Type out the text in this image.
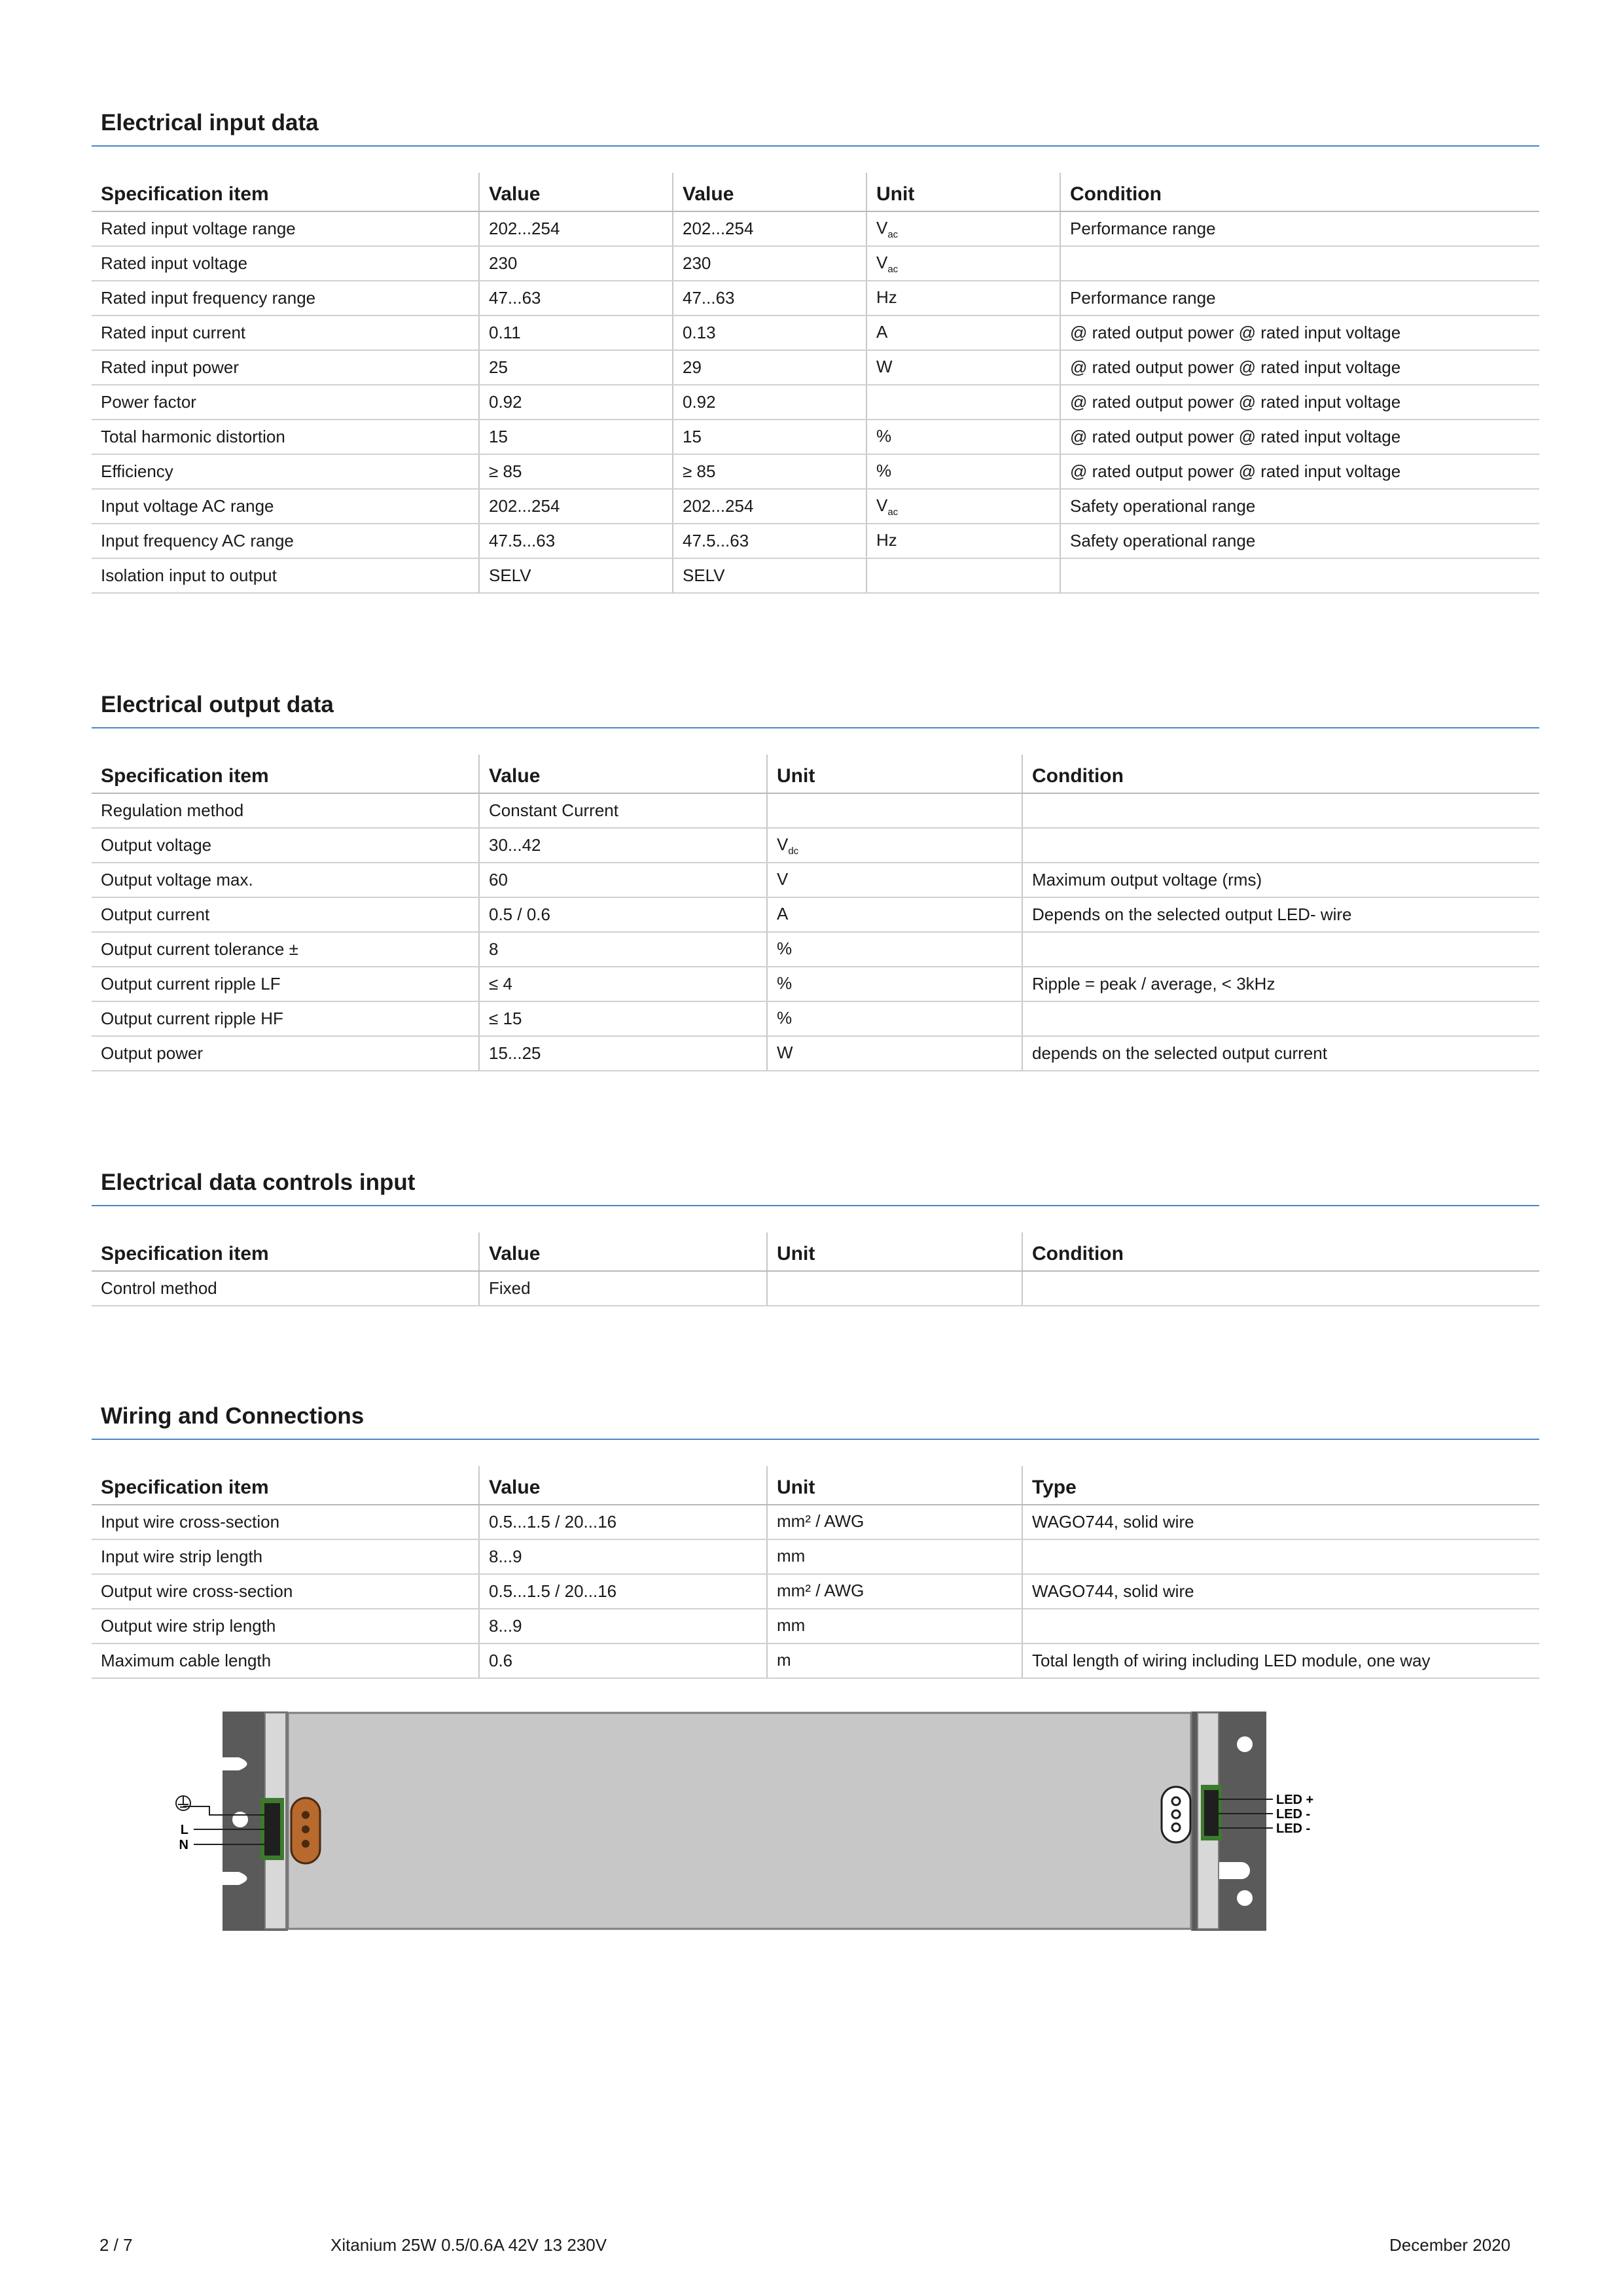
Electrical input data
Specification item	Value	Value	Unit	Condition
Rated input voltage range	202...254	202...254	$V_{ac}$	Performance range
Rated input voltage	230	230	$V_{ac}$	
Rated input frequency range	47...63	47...63	Hz	Performance range
Rated input current	0.11	0.13	A	@ rated output power @ rated input voltage
Rated input power	25	29	W	@ rated output power @ rated input voltage
Power factor	0.92	0.92		@ rated output power @ rated input voltage
Total harmonic distortion	15	15	%	@ rated output power @ rated input voltage
Efficiency	≥ 85	≥ 85	%	@ rated output power @ rated input voltage
Input voltage AC range	202...254	202...254	$V_{ac}$	Safety operational range
Input frequency AC range	47.5...63	47.5...63	Hz	Safety operational range
Isolation input to output	SELV	SELV		
Electrical output data
Specification item	Value	Unit	Condition
Regulation method	Constant Current		
Output voltage	30...42	$V_{dc}$	
Output voltage max.	60	V	Maximum output voltage (rms)
Output current	0.5 / 0.6	A	Depends on the selected output LED- wire
Output current tolerance ±	8	%	
Output current ripple LF	≤ 4	%	Ripple = peak / average, < 3kHz
Output current ripple HF	≤ 15	%	
Output power	15...25	W	depends on the selected output current
Electrical data controls input
Specification item	Value	Unit	Condition
Control method	Fixed		
Wiring and Connections
Specification item	Value	Unit	Type
Input wire cross-section	0.5...1.5 / 20...16	mm² / AWG	WAGO744, solid wire
Input wire strip length	8...9	mm	
Output wire cross-section	0.5...1.5 / 20...16	mm² / AWG	WAGO744, solid wire
Output wire strip length	8...9	mm	
Maximum cable length	0.6	m	Total length of wiring including LED module, one way
L
N
LED +
LED -
LED -
2 / 7	Xitanium 25W 0.5/0.6A 42V 13 230V	December 2020
